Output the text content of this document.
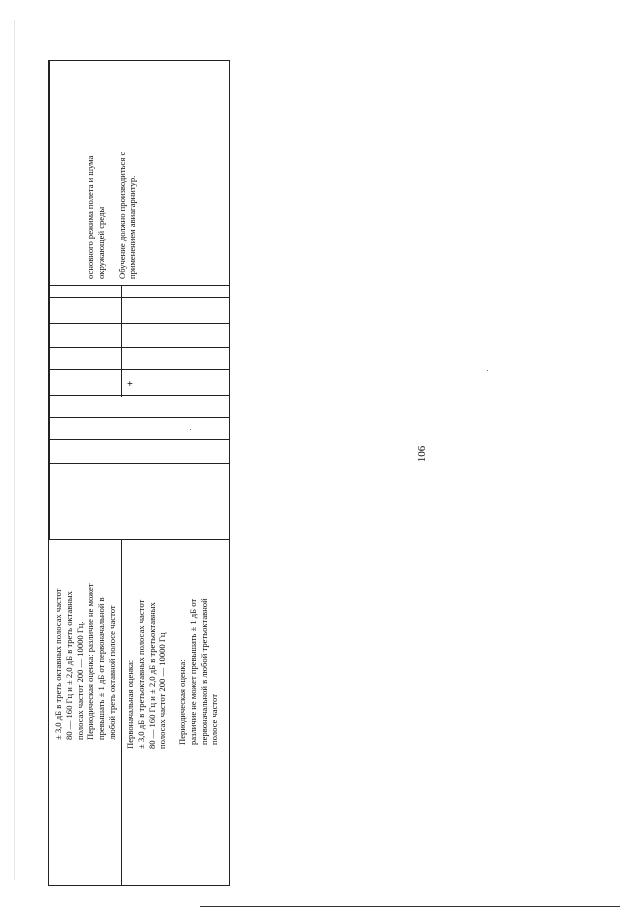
106

основного режима полета и шума окружающей среды Обучение должно производиться с применением авиагарнитур.

± 3,0 дБ в треть октавных полосах частот 80 — 160 Гц и ± 2,0 дБ в треть октавных полосах частот 200 — 10000 Гц. Периодическая оценка: различие не может превышать ± 1 дБ от первоначальной в любой треть октавной полосе частот Первоначальная оценка: ± 3,0 дБ в третьоктавных полосах частот 80 — 160 Гц и ± 2,0 дБ в третьоктавных полосах частот 200 — 10000 Гц Периодическая оценка: различие не может превышать ± 1 дБ от первоначальной в любой третьоктавной полосе частот

+
